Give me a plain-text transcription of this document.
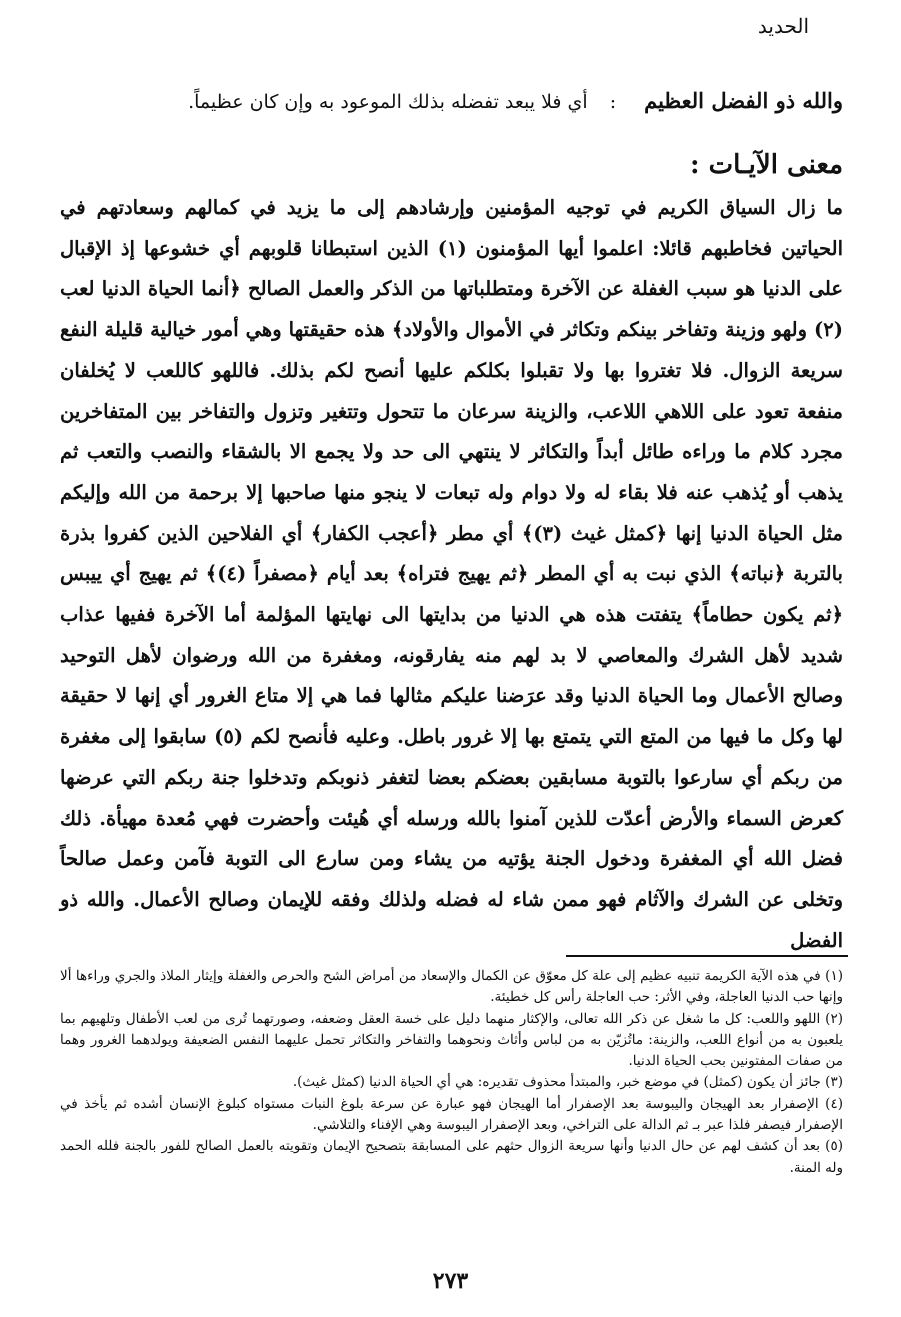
الحديد
والله ذو الفضل العظيم
:
أي فلا يبعد تفضله بذلك الموعود به وإن كان عظيماً.
معنى الآيـات :

ما زال السياق الكريم في توجيه المؤمنين وإرشادهم إلى ما يزيد في كمالهم وسعادتهم في الحياتين فخاطبهم قائلا: اعلموا أيها المؤمنون (١) الذين استبطانا قلوبهم أي خشوعها إذ الإقبال على الدنيا هو سبب الغفلة عن الآخرة ومتطلباتها من الذكر والعمل الصالح ﴿أنما الحياة الدنيا لعب (٢) ولهو وزينة وتفاخر بينكم وتكاثر في الأموال والأولاد﴾ هذه حقيقتها وهي أمور خيالية قليلة النفع سريعة الزوال. فلا تغتروا بها ولا تقبلوا بكلكم عليها أنصح لكم بذلك. فاللهو كاللعب لا يُخلفان منفعة تعود على اللاهي اللاعب، والزينة سرعان ما تتحول وتتغير وتزول والتفاخر بين المتفاخرين مجرد كلام ما وراءه طائل أبداً والتكاثر لا ينتهي الى حد ولا يجمع الا بالشقاء والنصب والتعب ثم يذهب أو يُذهب عنه فلا بقاء له ولا دوام وله تبعات لا ينجو منها صاحبها إلا برحمة من الله وإليكم مثل الحياة الدنيا إنها ﴿كمثل غيث (٣)﴾ أي مطر ﴿أعجب الكفار﴾ أي الفلاحين الذين كفروا بذرة بالتربة ﴿نباته﴾ الذي نبت به أي المطر ﴿ثم يهيج فتراه﴾ بعد أيام ﴿مصفراً (٤)﴾ ثم يهيج أي ييبس ﴿ثم يكون حطاماً﴾ يتفتت هذه هي الدنيا من بدايتها الى نهايتها المؤلمة أما الآخرة ففيها عذاب شديد لأهل الشرك والمعاصي لا بد لهم منه يفارقونه، ومغفرة من الله ورضوان لأهل التوحيد وصالح الأعمال وما الحياة الدنيا وقد عرَضنا عليكم مثالها فما هي إلا متاع الغرور أي إنها لا حقيقة لها وكل ما فيها من المتع التي يتمتع بها إلا غرور باطل. وعليه فأنصح لكم (٥) سابقوا إلى مغفرة من ربكم أي سارعوا بالتوبة مسابقين بعضكم بعضا لتغفر ذنوبكم وتدخلوا جنة ربكم التي عرضها كعرض السماء والأرض أعدّت للذين آمنوا بالله ورسله أي هُيئت وأحضرت فهي مُعدة مهيأة. ذلك فضل الله أي المغفرة ودخول الجنة يؤتيه من يشاء ومن سارع الى التوبة فآمن وعمل صالحاً وتخلى عن الشرك والآثام فهو ممن شاء له فضله ولذلك وفقه للإيمان وصالح الأعمال. والله ذو الفضل

(١) في هذه الآية الكريمة تنبيه عظيم إلى علة كل معوّق عن الكمال والإسعاد من أمراض الشح والحرص والغفلة وإيثار الملاذ والجري وراءها ألا وإنها حب الدنيا العاجلة، وفي الأثر: حب العاجلة رأس كل خطيئة.

(٢) اللهو واللعب: كل ما شغل عن ذكر الله تعالى، والإكثار منهما دليل على خسة العقل وضعفه، وصورتهما تُرى من لعب الأطفال وتلهيهم بما يلعبون به من أنواع اللعب، والزينة: ماتُزيّن به من لباس وأثاث ونحوهما والتفاخر والتكاثر تحمل عليهما النفس الضعيفة ويولدهما الغرور وهما من صفات المفتونين بحب الحياة الدنيا.

(٣) جائز أن يكون (كمثل) في موضع خبر، والمبتدأ محذوف تقديره: هي أي الحياة الدنيا (كمثل غيث).

(٤) الإصفرار بعد الهيجان واليبوسة بعد الإصفرار أما الهيجان فهو عبارة عن سرعة بلوغ النبات مستواه كبلوغ الإنسان أشده ثم يأخذ في الإصفرار فيصفر فلذا عبر بـ ثم الدالة على التراخي، وبعد الإصفرار اليبوسة وهي الإفناء والتلاشي.

(٥) بعد أن كشف لهم عن حال الدنيا وأنها سريعة الزوال حثهم على المسابقة بتصحيح الإيمان وتقويته بالعمل الصالح للفور بالجنة فلله الحمد وله المنة.

٢٧٣
